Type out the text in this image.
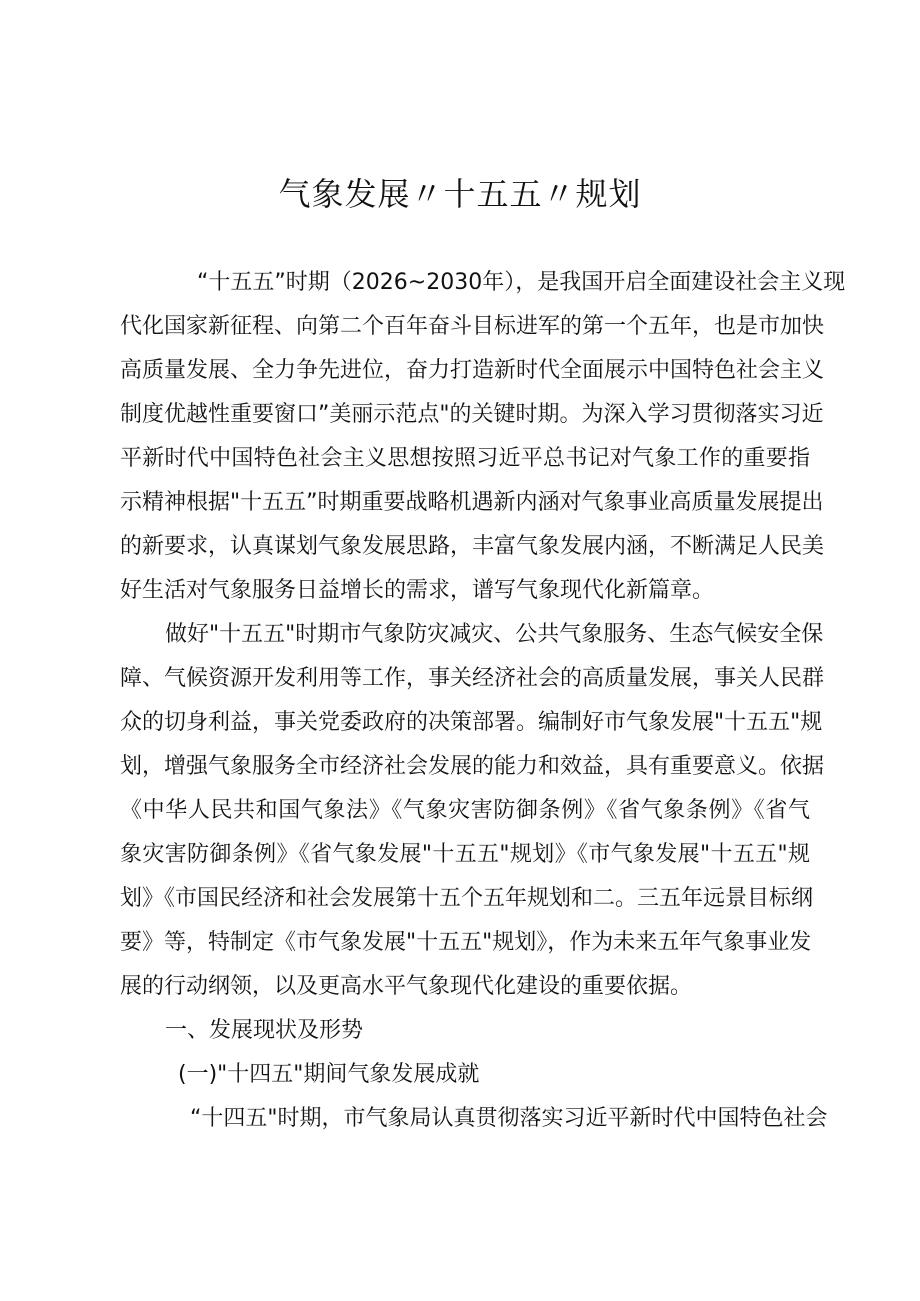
气象发展〃十五五〃规划
“十五五”时期（2026~2030年），是我国开启全面建设社会主义现
代化国家新征程、向第二个百年奋斗目标进军的第一个五年，也是市加快
高质量发展、全力争先进位，奋力打造新时代全面展示中国特色社会主义
制度优越性重要窗口”美丽示范点"的关键时期。为深入学习贯彻落实习近
平新时代中国特色社会主义思想按照习近平总书记对气象工作的重要指
示精神根据"十五五”时期重要战略机遇新内涵对气象事业高质量发展提出
的新要求，认真谋划气象发展思路，丰富气象发展内涵，不断满足人民美
好生活对气象服务日益增长的需求，谱写气象现代化新篇章。
做好"十五五"时期市气象防灾减灾、公共气象服务、生态气候安全保
障、气候资源开发利用等工作，事关经济社会的高质量发展，事关人民群
众的切身利益，事关党委政府的决策部署。编制好市气象发展"十五五"规
划，增强气象服务全市经济社会发展的能力和效益，具有重要意义。依据
《中华人民共和国气象法》《气象灾害防御条例》《省气象条例》《省气
象灾害防御条例》《省气象发展"十五五"规划》《市气象发展"十五五"规
划》《市国民经济和社会发展第十五个五年规划和二。三五年远景目标纲
要》等，特制定《市气象发展"十五五"规划》，作为未来五年气象事业发
展的行动纲领，以及更高水平气象现代化建设的重要依据。
一、发展现状及形势
(一)"十四五"期间气象发展成就
“十四五"时期，市气象局认真贯彻落实习近平新时代中国特色社会
